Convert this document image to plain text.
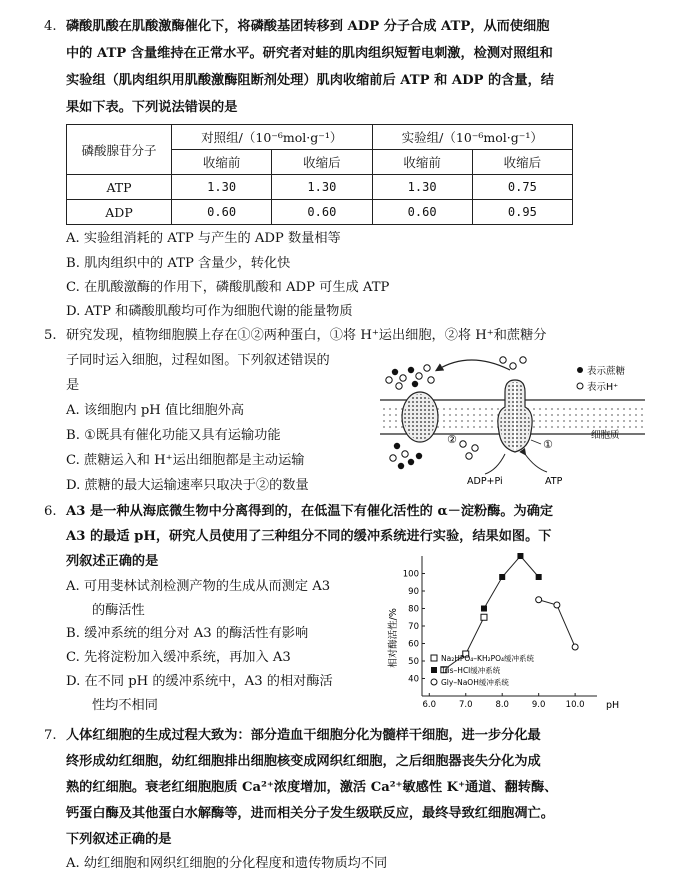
4. 磷酸肌酸在肌酸激酶催化下，将磷酸基团转移到 ADP 分子合成 ATP，从而使细胞
中的 ATP 含量维持在正常水平。研究者对蛙的肌肉组织短暂电刺激，检测对照组和
实验组（肌肉组织用肌酸激酶阻断剂处理）肌肉收缩前后 ATP 和 ADP 的含量，结
果如下表。下列说法错误的是
磷酸腺苷分子	对照组/（10⁻⁶mol·g⁻¹）		实验组/（10⁻⁶mol·g⁻¹）	
	收缩前	收缩后	收缩前	收缩后
ATP	1.30	1.30	1.30	0.75
ADP	0.60	0.60	0.60	0.95
A. 实验组消耗的 ATP 与产生的 ADP 数量相等
B. 肌肉组织中的 ATP 含量少，转化快
C. 在肌酸激酶的作用下，磷酸肌酸和 ADP 可生成 ATP
D. ATP 和磷酸肌酸均可作为细胞代谢的能量物质
5. 研究发现，植物细胞膜上存在①②两种蛋白，①将 H⁺运出细胞，②将 H⁺和蔗糖分
子同时运入细胞，过程如图。下列叙述错误的
是
A. 该细胞内 pH 值比细胞外高
B. ①既具有催化功能又具有运输功能
C. 蔗糖运入和 H⁺运出细胞都是主动运输
D. 蔗糖的最大运输速率只取决于②的数量
②	①
细胞质
ADP+Pi	ATP
表示蔗糖
表示H⁺
6. A3 是一种从海底微生物中分离得到的，在低温下有催化活性的 α－淀粉酶。为确定
A3 的最适 pH，研究人员使用了三种组分不同的缓冲系统进行实验，结果如图。下
列叙述正确的是
A. 可用斐林试剂检测产物的生成从而测定 A3
的酶活性
B. 缓冲系统的组分对 A3 的酶活性有影响
C. 先将淀粉加入缓冲系统，再加入 A3
D. 在不同 pH 的缓冲系统中，A3 的相对酶活
性均不相同
相对酶活性/%
pH
6.0	7.0	8.0	9.0 10.0
40
50
60
70
80
90
100
Na₂HPO₄–KH₂PO₄缓冲系统
Tris–HCl缓冲系统
Gly–NaOH缓冲系统
7. 人体红细胞的生成过程大致为：部分造血干细胞分化为髓样干细胞，进一步分化最
终形成幼红细胞，幼红细胞排出细胞核变成网织红细胞，之后细胞器丧失分化为成
熟的红细胞。衰老红细胞胞质 Ca²⁺浓度增加，激活 Ca²⁺敏感性 K⁺通道、翻转酶、
钙蛋白酶及其他蛋白水解酶等，进而相关分子发生级联反应，最终导致红细胞凋亡。
下列叙述正确的是
A. 幼红细胞和网织红细胞的分化程度和遗传物质均不同
